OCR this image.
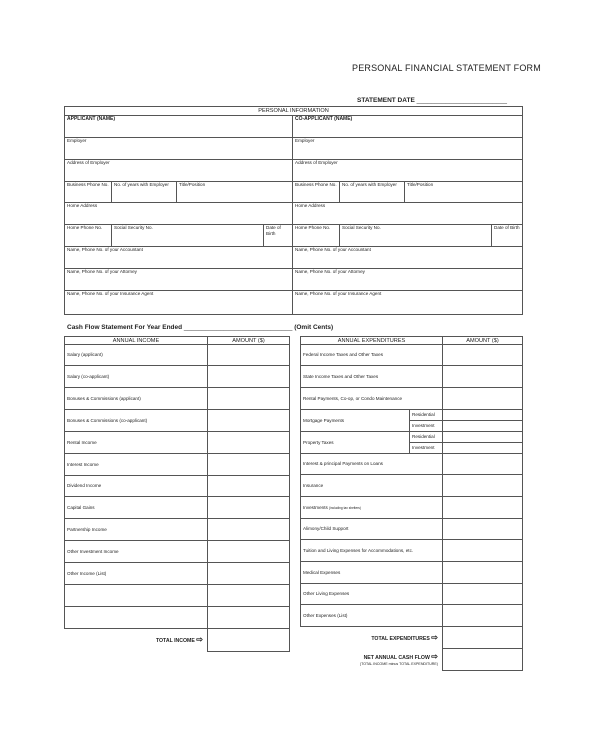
PERSONAL FINANCIAL STATEMENT FORM
STATEMENT DATE _________________________
PERSONAL INFORMATION							
APPLICANT (NAME)				CO-APPLICANT (NAME)			
Employer				Employer			
Address of Employer				Address of Employer			
Business Phone No.	No. of years with Employer	Title/Position		Business Phone No.	No. of years with Employer	Title/Position	
Home Address				Home Address			
Home Phone No.	Social Security No.		Date of Birth	Home Phone No.	Social Security No.		Date of Birth
Name, Phone No. of your Accountant				Name, Phone No. of your Accountant			
Name, Phone No. of your Attorney				Name, Phone No. of your Attorney			
Name, Phone No. of your Insurance Agent				Name, Phone No. of your Insurance Agent			
Cash Flow Statement For Year Ended ______________________________ (Omit Cents)
ANNUAL INCOME	AMOUNT ($)
Salary (applicant)	
Salary (co-applicant)	
Bonuses & Commissions (applicant)	
Bonuses & Commissions (co-applicant)	
Rental Income	
Interest Income	
Dividend Income	
Capital Gains	
Partnership Income	
Other Investment Income	
Other Income (List)	

TOTAL INCOME ⇨	
ANNUAL EXPENDITURES		AMOUNT ($)
Federal Income Taxes and Other Taxes		
State Income Taxes and Other Taxes		
Rental Payments, Co-op, or Condo Maintenance		
Mortgage Payments	Residential	
	Investment	
Property Taxes	Residential	
	Investment	
Interest & principal Payments on Loans		
Insurance		
Investments (including tax shelters)		
Alimony/Child Support		
Tuition and Living Expenses for Accommodations, etc.		
Medical Expenses		
Other Living Expenses		
Other Expenses (List)		
TOTAL EXPENDITURES ⇨		

NET ANNUAL CASH FLOW ⇨
(TOTAL INCOME minus TOTAL EXPENDITURE)		
